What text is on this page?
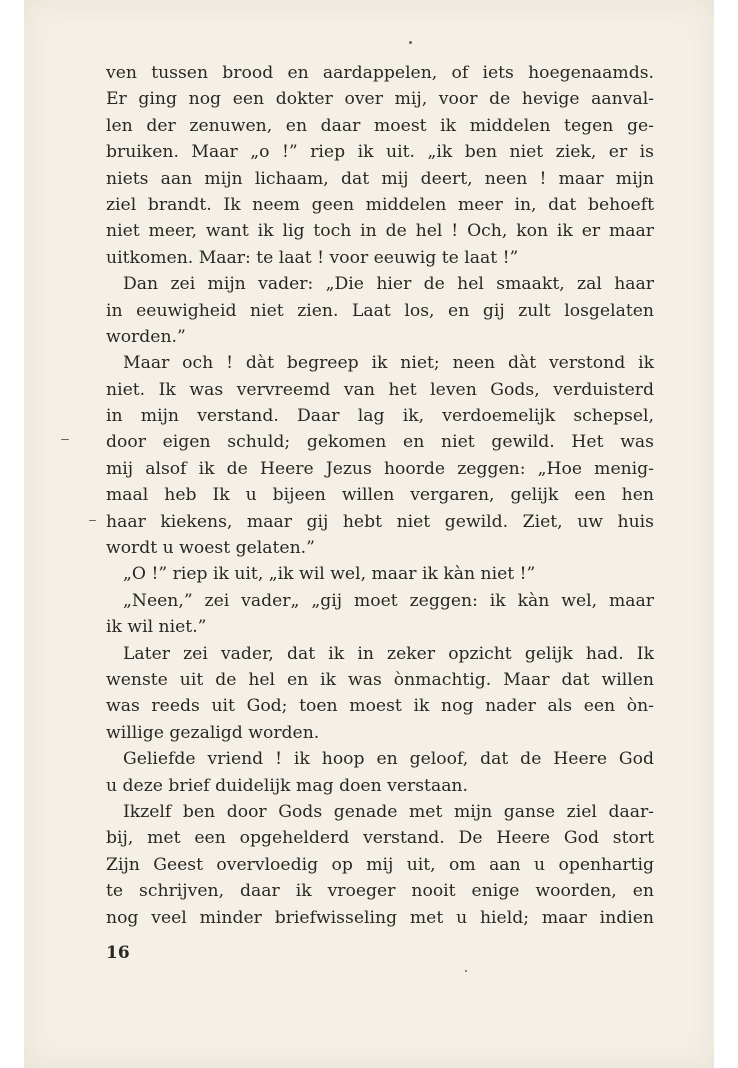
ven tussen brood en aardappelen, of iets hoegenaamds.
Er ging nog een dokter over mij, voor de hevige aanval-
len der zenuwen, en daar moest ik middelen tegen ge-
bruiken. Maar „o !” riep ik uit. „ik ben niet ziek, er is
niets aan mijn lichaam, dat mij deert, neen ! maar mijn
ziel brandt. Ik neem geen middelen meer in, dat behoeft
niet meer, want ik lig toch in de hel ! Och, kon ik er maar
uitkomen. Maar: te laat ! voor eeuwig te laat !”
Dan zei mijn vader: „Die hier de hel smaakt, zal haar
in eeuwigheid niet zien. Laat los, en gij zult losgelaten
worden.”
Maar och ! dàt begreep ik niet; neen dàt verstond ik
niet. Ik was vervreemd van het leven Gods, verduisterd
in mijn verstand. Daar lag ik, verdoemelijk schepsel,
door eigen schuld; gekomen en niet gewild. Het was
mij alsof ik de Heere Jezus hoorde zeggen: „Hoe menig-
maal heb Ik u bijeen willen vergaren, gelijk een hen
haar kiekens, maar gij hebt niet gewild. Ziet, uw huis
wordt u woest gelaten.”
„O !” riep ik uit, „ik wil wel, maar ik kàn niet !”
„Neen,” zei vader„ „gij moet zeggen: ik kàn wel, maar
ik wil niet.”
Later zei vader, dat ik in zeker opzicht gelijk had. Ik
wenste uit de hel en ik was ònmachtig. Maar dat willen
was reeds uit God; toen moest ik nog nader als een òn-
willige gezaligd worden.
Geliefde vriend ! ik hoop en geloof, dat de Heere God
u deze brief duidelijk mag doen verstaan.
Ikzelf ben door Gods genade met mijn ganse ziel daar-
bij, met een opgehelderd verstand. De Heere God stort
Zijn Geest overvloedig op mij uit, om aan u openhartig
te schrijven, daar ik vroeger nooit enige woorden, en
nog veel minder briefwisseling met u hield; maar indien
16
